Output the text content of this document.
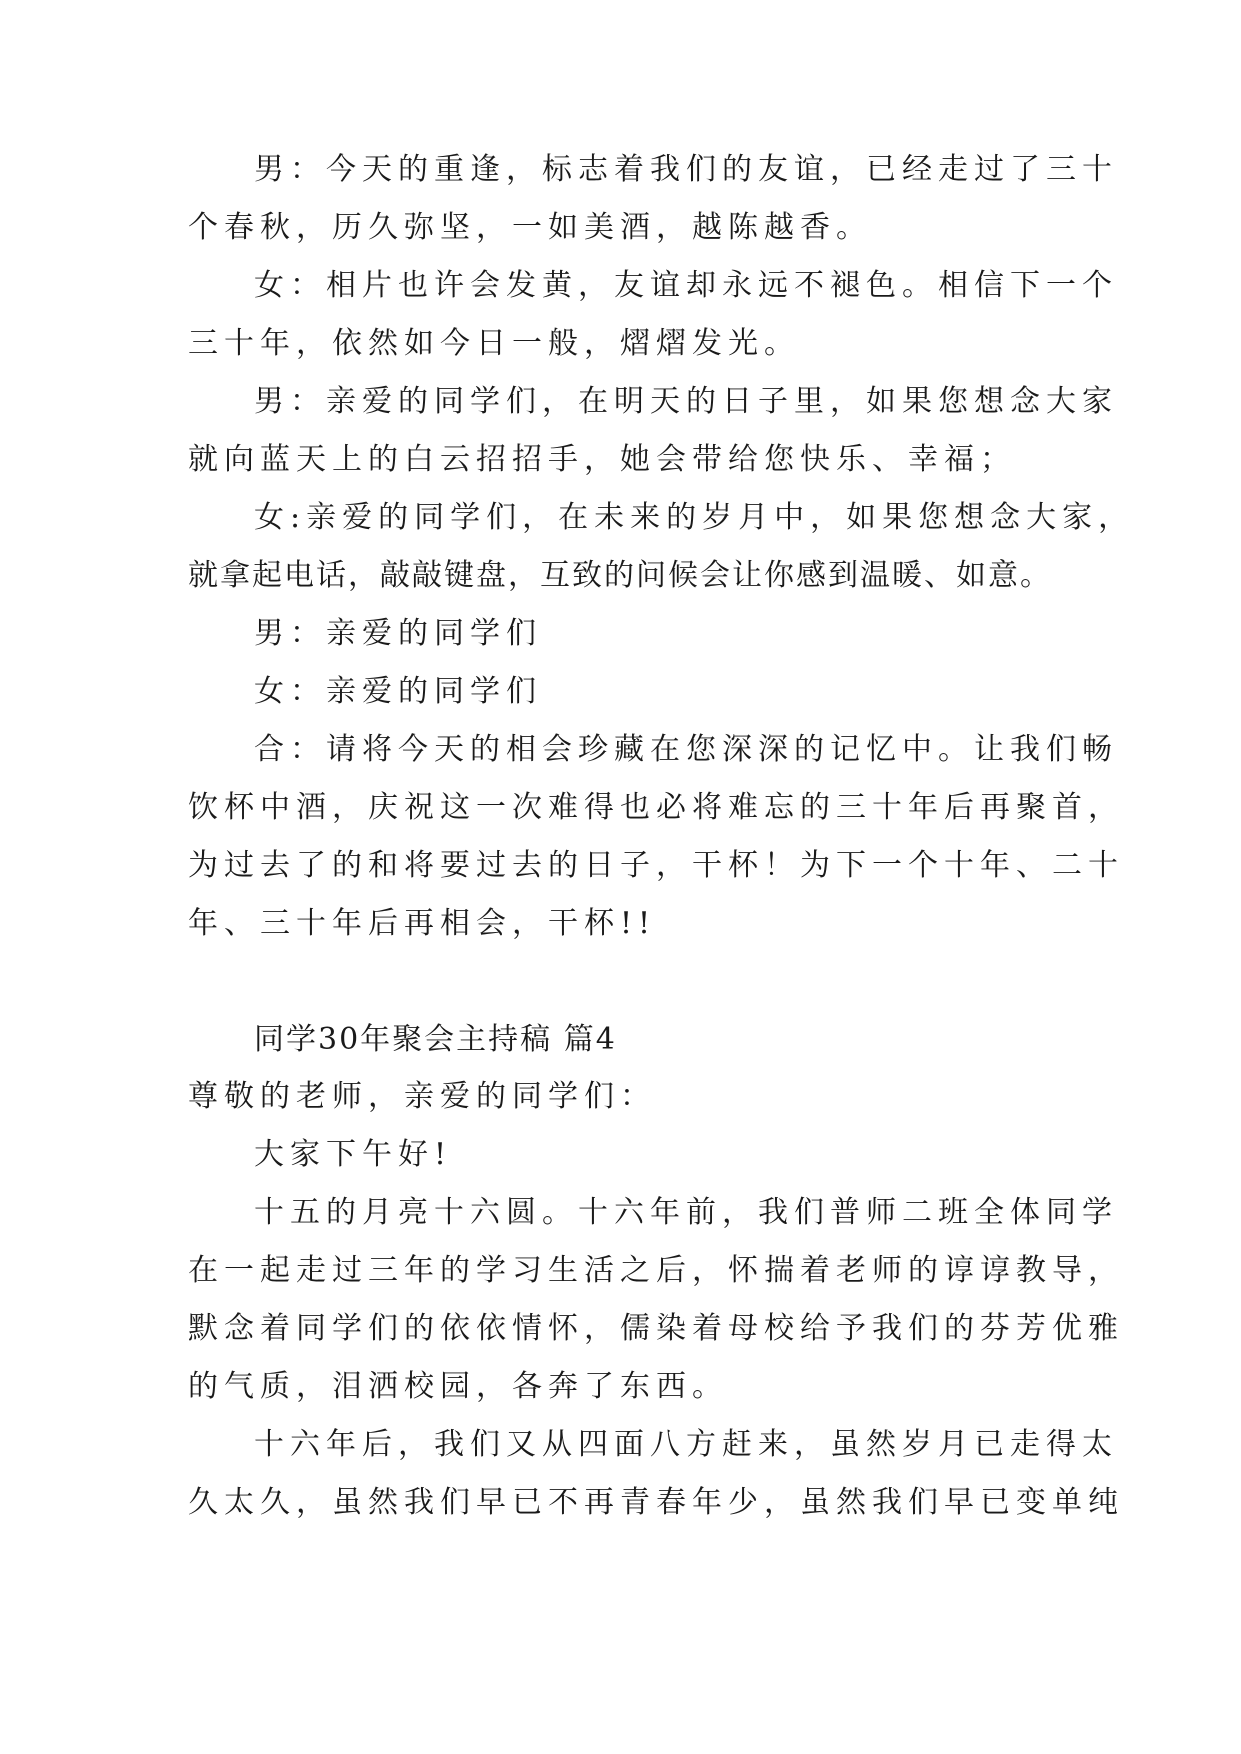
男：今天的重逢，标志着我们的友谊，已经走过了三十
个春秋，历久弥坚，一如美酒，越陈越香。
女：相片也许会发黄，友谊却永远不褪色。相信下一个
三十年，依然如今日一般，熠熠发光。
男：亲爱的同学们，在明天的日子里，如果您想念大家
就向蓝天上的白云招招手，她会带给您快乐、幸福；
女:亲爱的同学们，在未来的岁月中，如果您想念大家，
就拿起电话，敲敲键盘，互致的问候会让你感到温暖、如意。
男：亲爱的同学们
女：亲爱的同学们
合：请将今天的相会珍藏在您深深的记忆中。让我们畅
饮杯中酒，庆祝这一次难得也必将难忘的三十年后再聚首，
为过去了的和将要过去的日子，干杯！为下一个十年、二十
年、三十年后再相会，干杯!!
同学30年聚会主持稿 篇4
尊敬的老师，亲爱的同学们：
大家下午好!
十五的月亮十六圆。十六年前，我们普师二班全体同学
在一起走过三年的学习生活之后，怀揣着老师的谆谆教导，
默念着同学们的依依情怀，儒染着母校给予我们的芬芳优雅
的气质，泪洒校园，各奔了东西。
十六年后，我们又从四面八方赶来，虽然岁月已走得太
久太久，虽然我们早已不再青春年少，虽然我们早已变单纯
